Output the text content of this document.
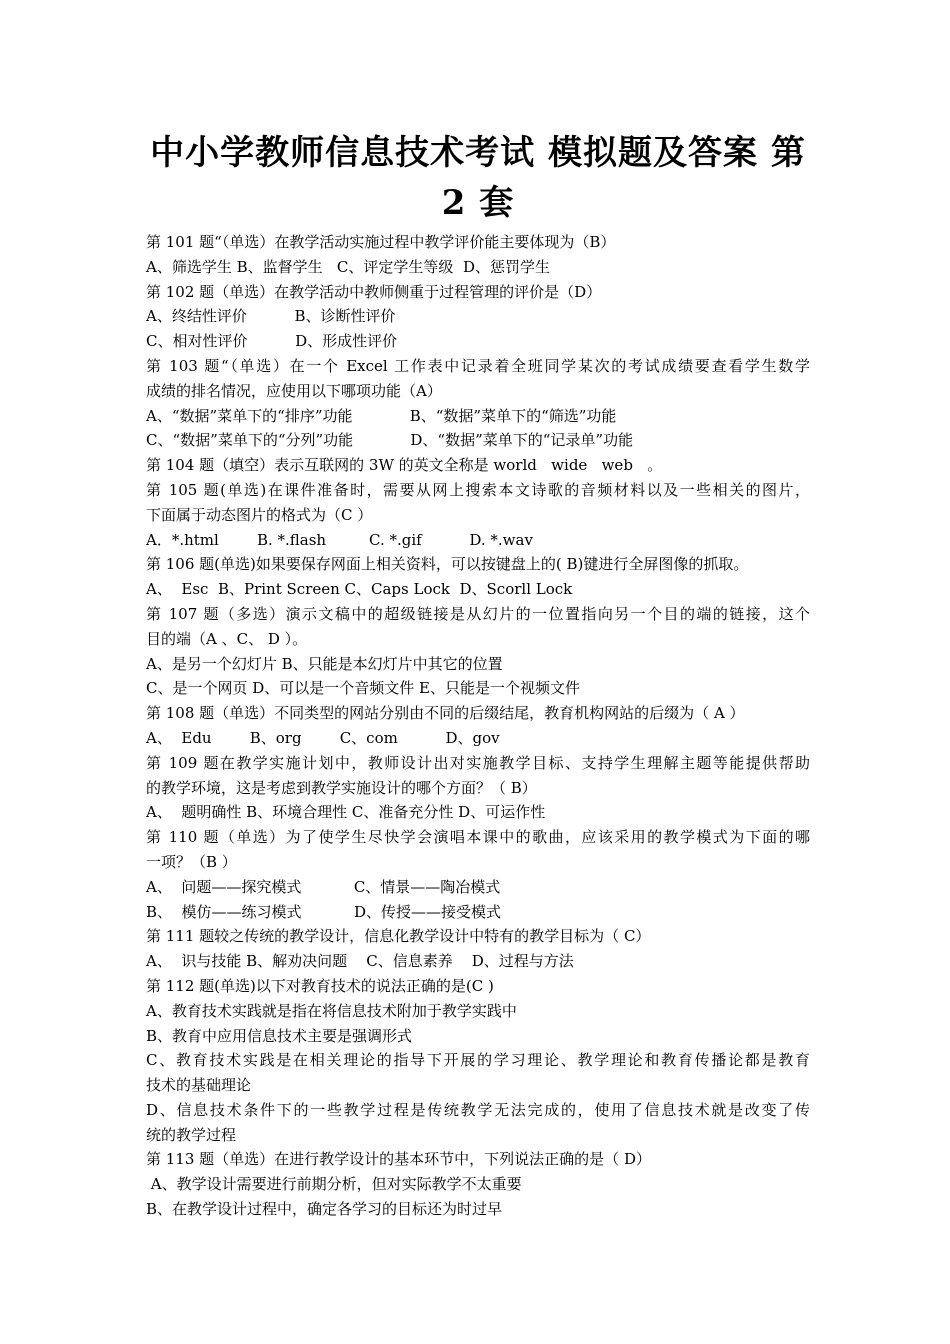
中小学教师信息技术考试 模拟题及答案 第
2 套
第 101 题“（单选）在教学活动实施过程中教学评价能主要体现为（B）
A、筛选学生 B、监督学生   C、评定学生等级  D、惩罚学生
第 102 题（单选）在教学活动中教师侧重于过程管理的评价是（D）
A、终结性评价          B、诊断性评价
C、相对性评价          D、形成性评价
第 103 题“（单选）在一个 Excel 工作表中记录着全班同学某次的考试成绩要查看学生数学
成绩的排名情况，应使用以下哪项功能（A）
A、“数据”菜单下的“排序”功能            B、“数据”菜单下的“筛选”功能
C、“数据”菜单下的“分列”功能            D、“数据”菜单下的“记录单”功能
第 104 题（填空）表示互联网的 3W 的英文全称是 world   wide   web   。
第 105 题(单选)在课件准备时，需要从网上搜索本文诗歌的音频材料以及一些相关的图片，
下面属于动态图片的格式为（C ）
A．*.html        B. *.flash         C. *.gif          D. *.wav
第 106 题(单选)如果要保存网面上相关资料，可以按键盘上的( B)键进行全屏图像的抓取。
A、  Esc  B、Print Screen C、Caps Lock  D、Scorll Lock
第 107 题（多选）演示文稿中的超级链接是从幻片的一位置指向另一个目的端的链接，这个
目的端（A 、C、 D ）。
A、是另一个幻灯片 B、只能是本幻灯片中其它的位置
C、是一个网页 D、可以是一个音频文件 E、只能是一个视频文件
第 108 题（单选）不同类型的网站分别由不同的后缀结尾，教育机构网站的后缀为（ A ）
A、  Edu        B、org        C、com          D、gov
第 109 题在教学实施计划中，教师设计出对实施教学目标、支持学生理解主题等能提供帮助
的教学环境，这是考虑到教学实施设计的哪个方面？（ B）
A、  题明确性 B、环境合理性 C、准备充分性 D、可运作性
第 110 题（单选）为了使学生尽快学会演唱本课中的歌曲，应该采用的教学模式为下面的哪
一项？（B ）
A、  问题——探究模式           C、情景——陶冶模式
B、  模仿——练习模式           D、传授——接受模式
第 111 题较之传统的教学设计，信息化教学设计中特有的教学目标为（ C）
A、  识与技能 B、解劝决问题    C、信息素养    D、过程与方法
第 112 题(单选)以下对教育技术的说法正确的是(C )
A、教育技术实践就是指在将信息技术附加于教学实践中
B、教育中应用信息技术主要是强调形式
C、教育技术实践是在相关理论的指导下开展的学习理论、教学理论和教育传播论都是教育
技术的基础理论
D、信息技术条件下的一些教学过程是传统教学无法完成的，使用了信息技术就是改变了传
统的教学过程
第 113 题（单选）在进行教学设计的基本环节中，下列说法正确的是（ D）
A、教学设计需要进行前期分析，但对实际教学不太重要
B、在教学设计过程中，确定各学习的目标还为时过早
